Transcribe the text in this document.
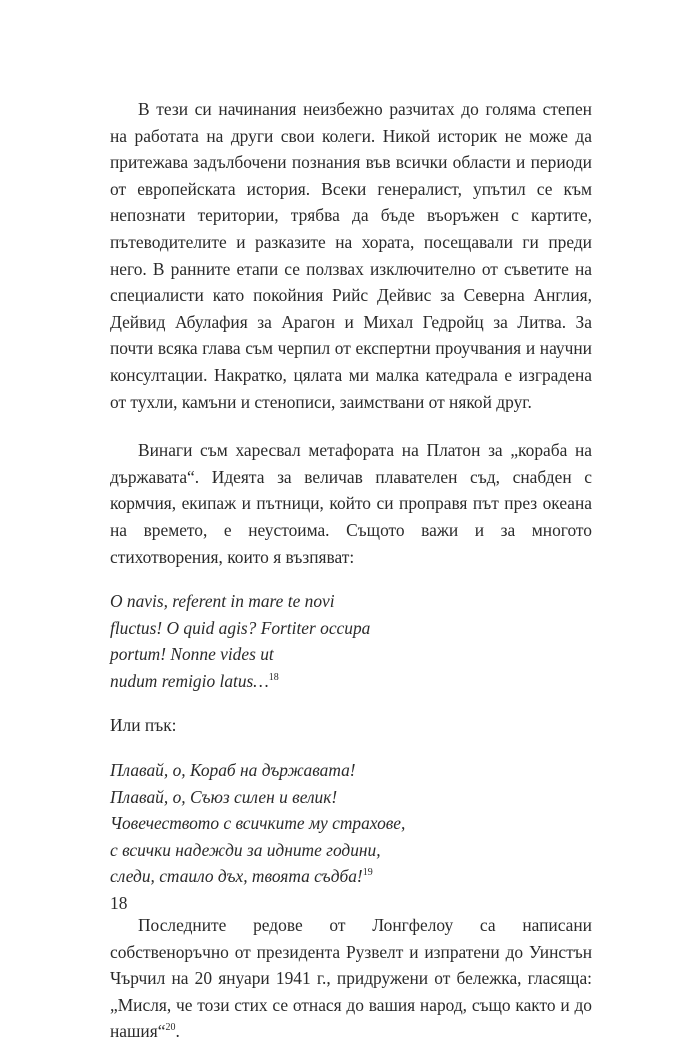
В тези си начинания неизбежно разчитах до голяма степен на работата на други свои колеги. Никой историк не може да притежава задълбочени познания във всички области и периоди от европейската история. Всеки генералист, упътил се към непознати територии, трябва да бъде въоръжен с картите, пътеводителите и разказите на хората, посещавали ги преди него. В ранните етапи се ползвах изключително от съветите на специалисти като покойния Рийс Дейвис за Северна Англия, Дейвид Абулафия за Арагон и Михал Гедройц за Литва. За почти всяка глава съм черпил от експертни проучвания и научни консултации. Накратко, цялата ми малка катедрала е изградена от тухли, камъни и стенописи, заимствани от някой друг.

Винаги съм харесвал метафората на Платон за „кораба на държавата“. Идеята за величав плавателен съд, снабден с кормчия, екипаж и пътници, който си проправя път през океана на времето, е неустоима. Същото важи и за многото стихотворения, които я възпяват:

O navis, referent in mare te novi
fluctus! O quid agis? Fortiter occupa
portum! Nonne vides ut
nudum remigio latus…$^{18}$

Или пък:

Плавай, о, Кораб на държавата!
Плавай, о, Съюз силен и велик!
Човечеството с всичките му страхове,
с всички надежди за идните години,
следи, стаило дъх, твоята съдба!$^{19}$

Последните редове от Лонгфелоу са написани собственоръчно от президента Рузвелт и изпратени до Уинстън Чърчил на 20 януари 1941 г., придружени от бележка, гласяща: „Мисля, че този стих се отнася до вашия народ, също както и до нашия“$^{20}$.

18
